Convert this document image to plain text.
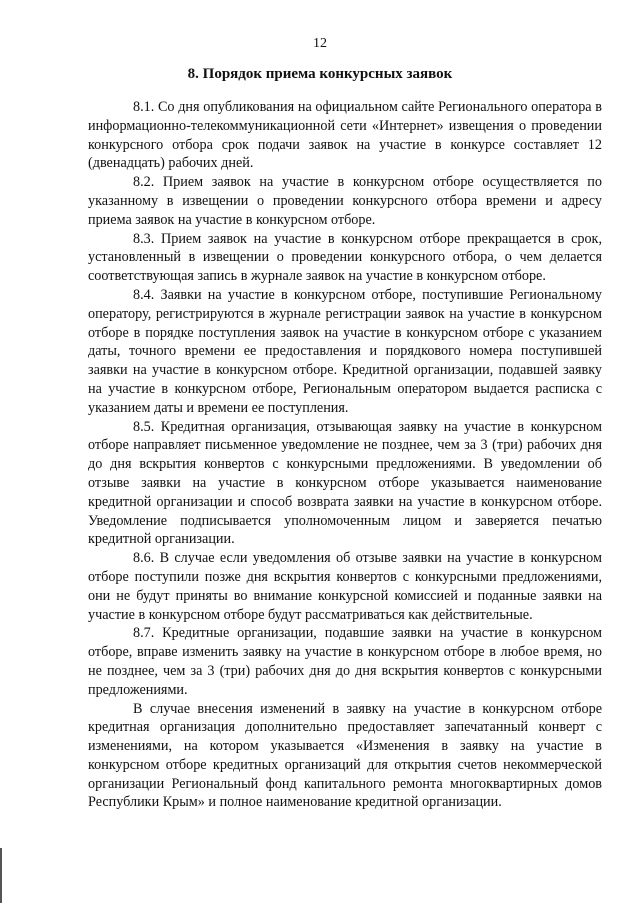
12
8. Порядок приема конкурсных заявок

8.1. Со дня опубликования на официальном сайте Регионального оператора в информационно-телекоммуникационной сети «Интернет» извещения о проведении конкурсного отбора срок подачи заявок на участие в конкурсе составляет 12 (двенадцать) рабочих дней.

8.2. Прием заявок на участие в конкурсном отборе осуществляется по указанному в извещении о проведении конкурсного отбора времени и адресу приема заявок на участие в конкурсном отборе.

8.3. Прием заявок на участие в конкурсном отборе прекращается в срок, установленный в извещении о проведении конкурсного отбора, о чем делается соответствующая запись в журнале заявок на участие в конкурсном отборе.

8.4. Заявки на участие в конкурсном отборе, поступившие Региональному оператору, регистрируются в журнале регистрации заявок на участие в конкурсном отборе в порядке поступления заявок на участие в конкурсном отборе с указанием даты, точного времени ее предоставления и порядкового номера поступившей заявки на участие в конкурсном отборе. Кредитной организации, подавшей заявку на участие в конкурсном отборе, Региональным оператором выдается расписка с указанием даты и времени ее поступления.

8.5. Кредитная организация, отзывающая заявку на участие в конкурсном отборе направляет письменное уведомление не позднее, чем за 3 (три) рабочих дня до дня вскрытия конвертов с конкурсными предложениями. В уведомлении об отзыве заявки на участие в конкурсном отборе указывается наименование кредитной организации и способ возврата заявки на участие в конкурсном отборе. Уведомление подписывается уполномоченным лицом и заверяется печатью кредитной организации.

8.6. В случае если уведомления об отзыве заявки на участие в конкурсном отборе поступили позже дня вскрытия конвертов с конкурсными предложениями, они не будут приняты во внимание конкурсной комиссией и поданные заявки на участие в конкурсном отборе будут рассматриваться как действительные.

8.7. Кредитные организации, подавшие заявки на участие в конкурсном отборе, вправе изменить заявку на участие в конкурсном отборе в любое время, но не позднее, чем за 3 (три) рабочих дня до дня вскрытия конвертов с конкурсными предложениями.

В случае внесения изменений в заявку на участие в конкурсном отборе кредитная организация дополнительно предоставляет запечатанный конверт с изменениями, на котором указывается «Изменения в заявку на участие в конкурсном отборе кредитных организаций для открытия счетов некоммерческой организации Региональный фонд капитального ремонта многоквартирных домов Республики Крым» и полное наименование кредитной организации.
